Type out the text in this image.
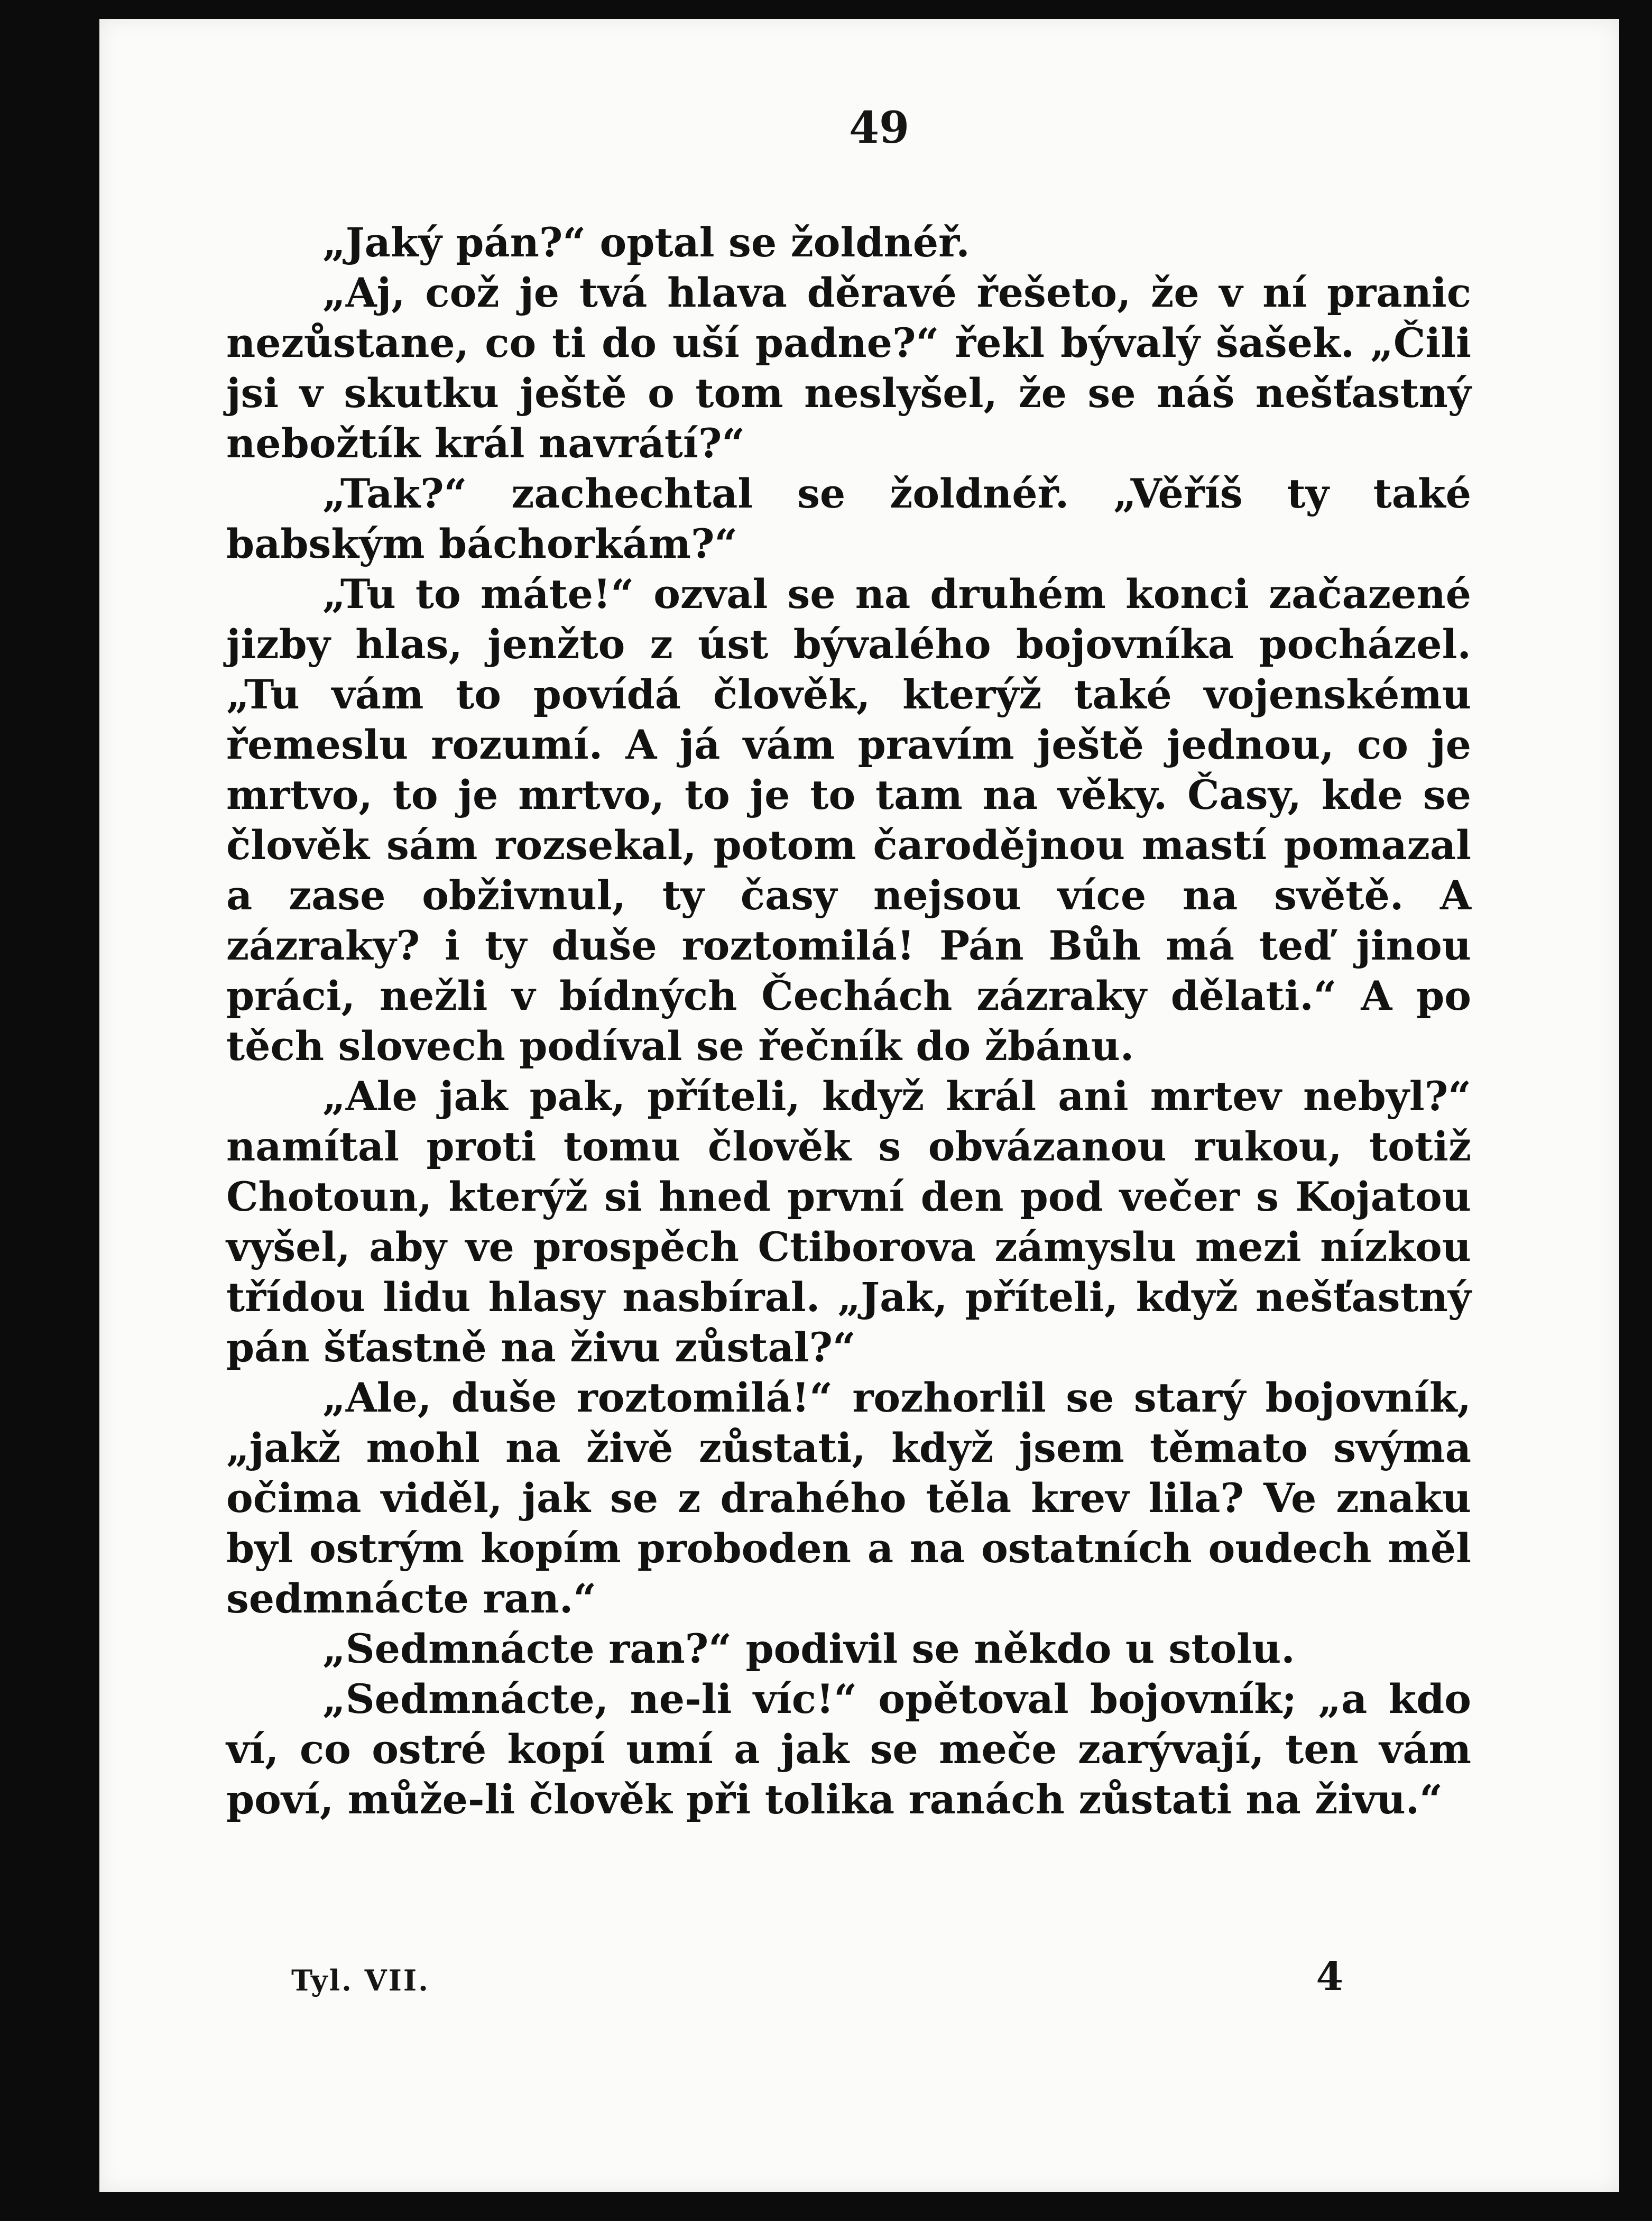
49

„Jaký pán?“ optal se žoldnéř.

„Aj, což je tvá hlava děravé řešeto, že v ní pranic nezůstane, co ti do uší padne?“ řekl bývalý šašek. „Čili jsi v skutku ještě o tom neslyšel, že se náš nešťastný nebožtík král navrátí?“

„Tak?“ zachechtal se žoldnéř. „Věříš ty také babským báchorkám?“

„Tu to máte!“ ozval se na druhém konci začazené jizby hlas, jenžto z úst bývalého bojovníka pocházel. „Tu vám to povídá člověk, kterýž také vojenskému řemeslu rozumí. A já vám pravím ještě jednou, co je mrtvo, to je mrtvo, to je to tam na věky. Časy, kde se člověk sám rozsekal, potom čarodějnou mastí pomazal a zase obživnul, ty časy nejsou více na světě. A zázraky? i ty duše roztomilá! Pán Bůh má teď jinou práci, nežli v bídných Čechách zázraky dělati.“ A po těch slovech podíval se řečník do žbánu.

„Ale jak pak, příteli, když král ani mrtev nebyl?“ namítal proti tomu člověk s obvázanou rukou, totiž Chotoun, kterýž si hned první den pod večer s Kojatou vyšel, aby ve prospěch Ctiborova zámyslu mezi nízkou třídou lidu hlasy nasbíral. „Jak, příteli, když nešťastný pán šťastně na živu zůstal?“

„Ale, duše roztomilá!“ rozhorlil se starý bojovník, „jakž mohl na živě zůstati, když jsem těmato svýma očima viděl, jak se z drahého těla krev lila? Ve znaku byl ostrým kopím proboden a na ostatních oudech měl sedmnácte ran.“

„Sedmnácte ran?“ podivil se někdo u stolu.

„Sedmnácte, ne-li víc!“ opětoval bojovník; „a kdo ví, co ostré kopí umí a jak se meče zarývají, ten vám poví, může-li člověk při tolika ranách zůstati na živu.“

Tyl. VII.	4
